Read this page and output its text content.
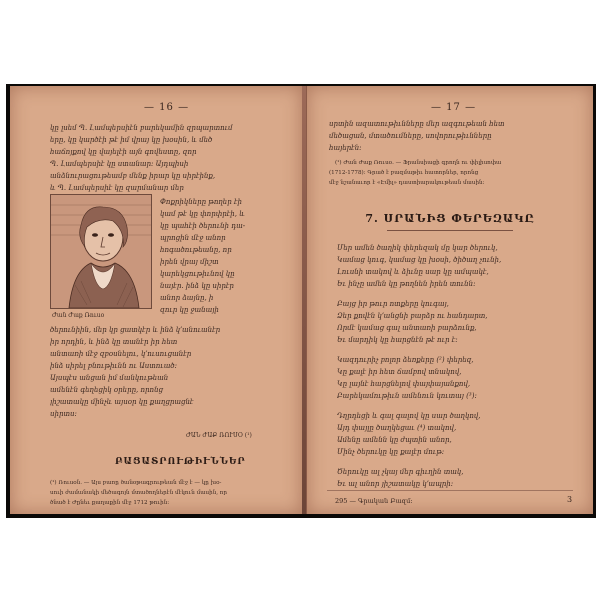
— 16 —
կը լսեմ Պ. Լամպերսիէն բարեկամին զրպարտում
երը, կը կարծէի թէ իմ վրայ կը խօսին, և մեծ
հաճոյքով կը վայելէի այն գովեստը, զոր
Պ. Լամպերսիէ կը ստանար: Այդպիսի
անձնուրացութեամբ մենք իրար կը սիրէինք,
և Պ. Լամպերսիէ կը զարմանար մեր
Ժան Ժաք Ռուսօ
Փոքրիկները թողեր էի
կամ թէ կը փորփրէի, և
կը պահէի ծերունի դա-
պրոցին մէջ անոր
հոգածութեանը, որ
իրեն վրայ միշտ
կարեկցութիւնով կը
նայէր. ինձ կը սիրէր
անոր ձայնը, ի
զուր կը ջանայի
ծերունիին, մեր կր ցատկէր և ինձ կ՚անուանէր
իր որդին, և ինձ կը տանէր իր հետ
անտառի մէջ զբօսնելու, կ՚ուսուցանէր
ինձ սիրել բնութիւնն ու Աստուած:
Այսպէս անցան իմ մանկութեան
ամենէն գեղեցիկ օրերը, որոնց
յիշատակը մինչև այսօր կը քաղցրացնէ
սիրտս:
ԺԱՆ ԺԱՔ ՌՈՒՍՕ (¹)
ԲԱՑԱՏՐՈՒԹԻՒՆՆԵՐ
(¹) Ռուսօն. — Այս բառը ծանօթագրութեան մէջ է — կը խօ-
սուի ժամանակի մեծագոյն մտածողներէն մէկուն մասին, որ
ծնած է Ժընեւ քաղաքին մէջ 1712 թուին:
— 17 —
սրտին ազատութիւնները մեր ազգութեան հետ
մեծացան, մտածումները, սովորութիւնները
հայերէն:
(¹) Ժան Ժաք Ռուսօ. — Ֆրանսիացի գրողն ու փիլիսոփա
(1712-1778): Գրած է բազմաթիւ հատորներ, որոնց
մէջ նշանաւոր է «Էմիլ» դաստիարակութեան մասին:
7. ՍՐԱՆԻՑ ՓԵՐԵԶԱԿԸ
Մեր ամեն ծաղիկ փերեզակ մը կար ծերուկ,
Կամաց կուգ, կամաց կը խօսի, ծիծաղ չունի,
Լուսնի տակով և ձիւնը սար կը ամպակէ,
Եւ ինչը ամեն կը թողնեն իրեն տունն:
Բայց իր թուր ոտքերը կուգայ,
Ձեր քովէն կ՚անցնի բարձր ու հանդարտ,
Որմէ կամաց գալ անտառի բարձունք,
Եւ մարդիկ կը հարցնէն թէ ուր է:
Կազդուրիչ բոլոր ձեռքերը (²) փերեզ,
Կը քալէ իր հետ ճամբով տնակով,
Կը լայնէ հարցնելով փայփայանքով,
Բարեկամութիւն ամենուն կուտայ (³):
Դղրդեցի և գալ գալով կը սար ծաղկով,
Այդ փայլը ծաղկեցաւ (⁴) տակով,
Ամենը ամենն կը ժպտին անոր,
Մինչ ծերուկը կը քալէր մութ:
Ծերուկը ալ չկայ մեր գիւղին տակ,
Եւ ալ անոր յիշատակը կ՚ապրի:
295 — Գրական Բազմ:	3
